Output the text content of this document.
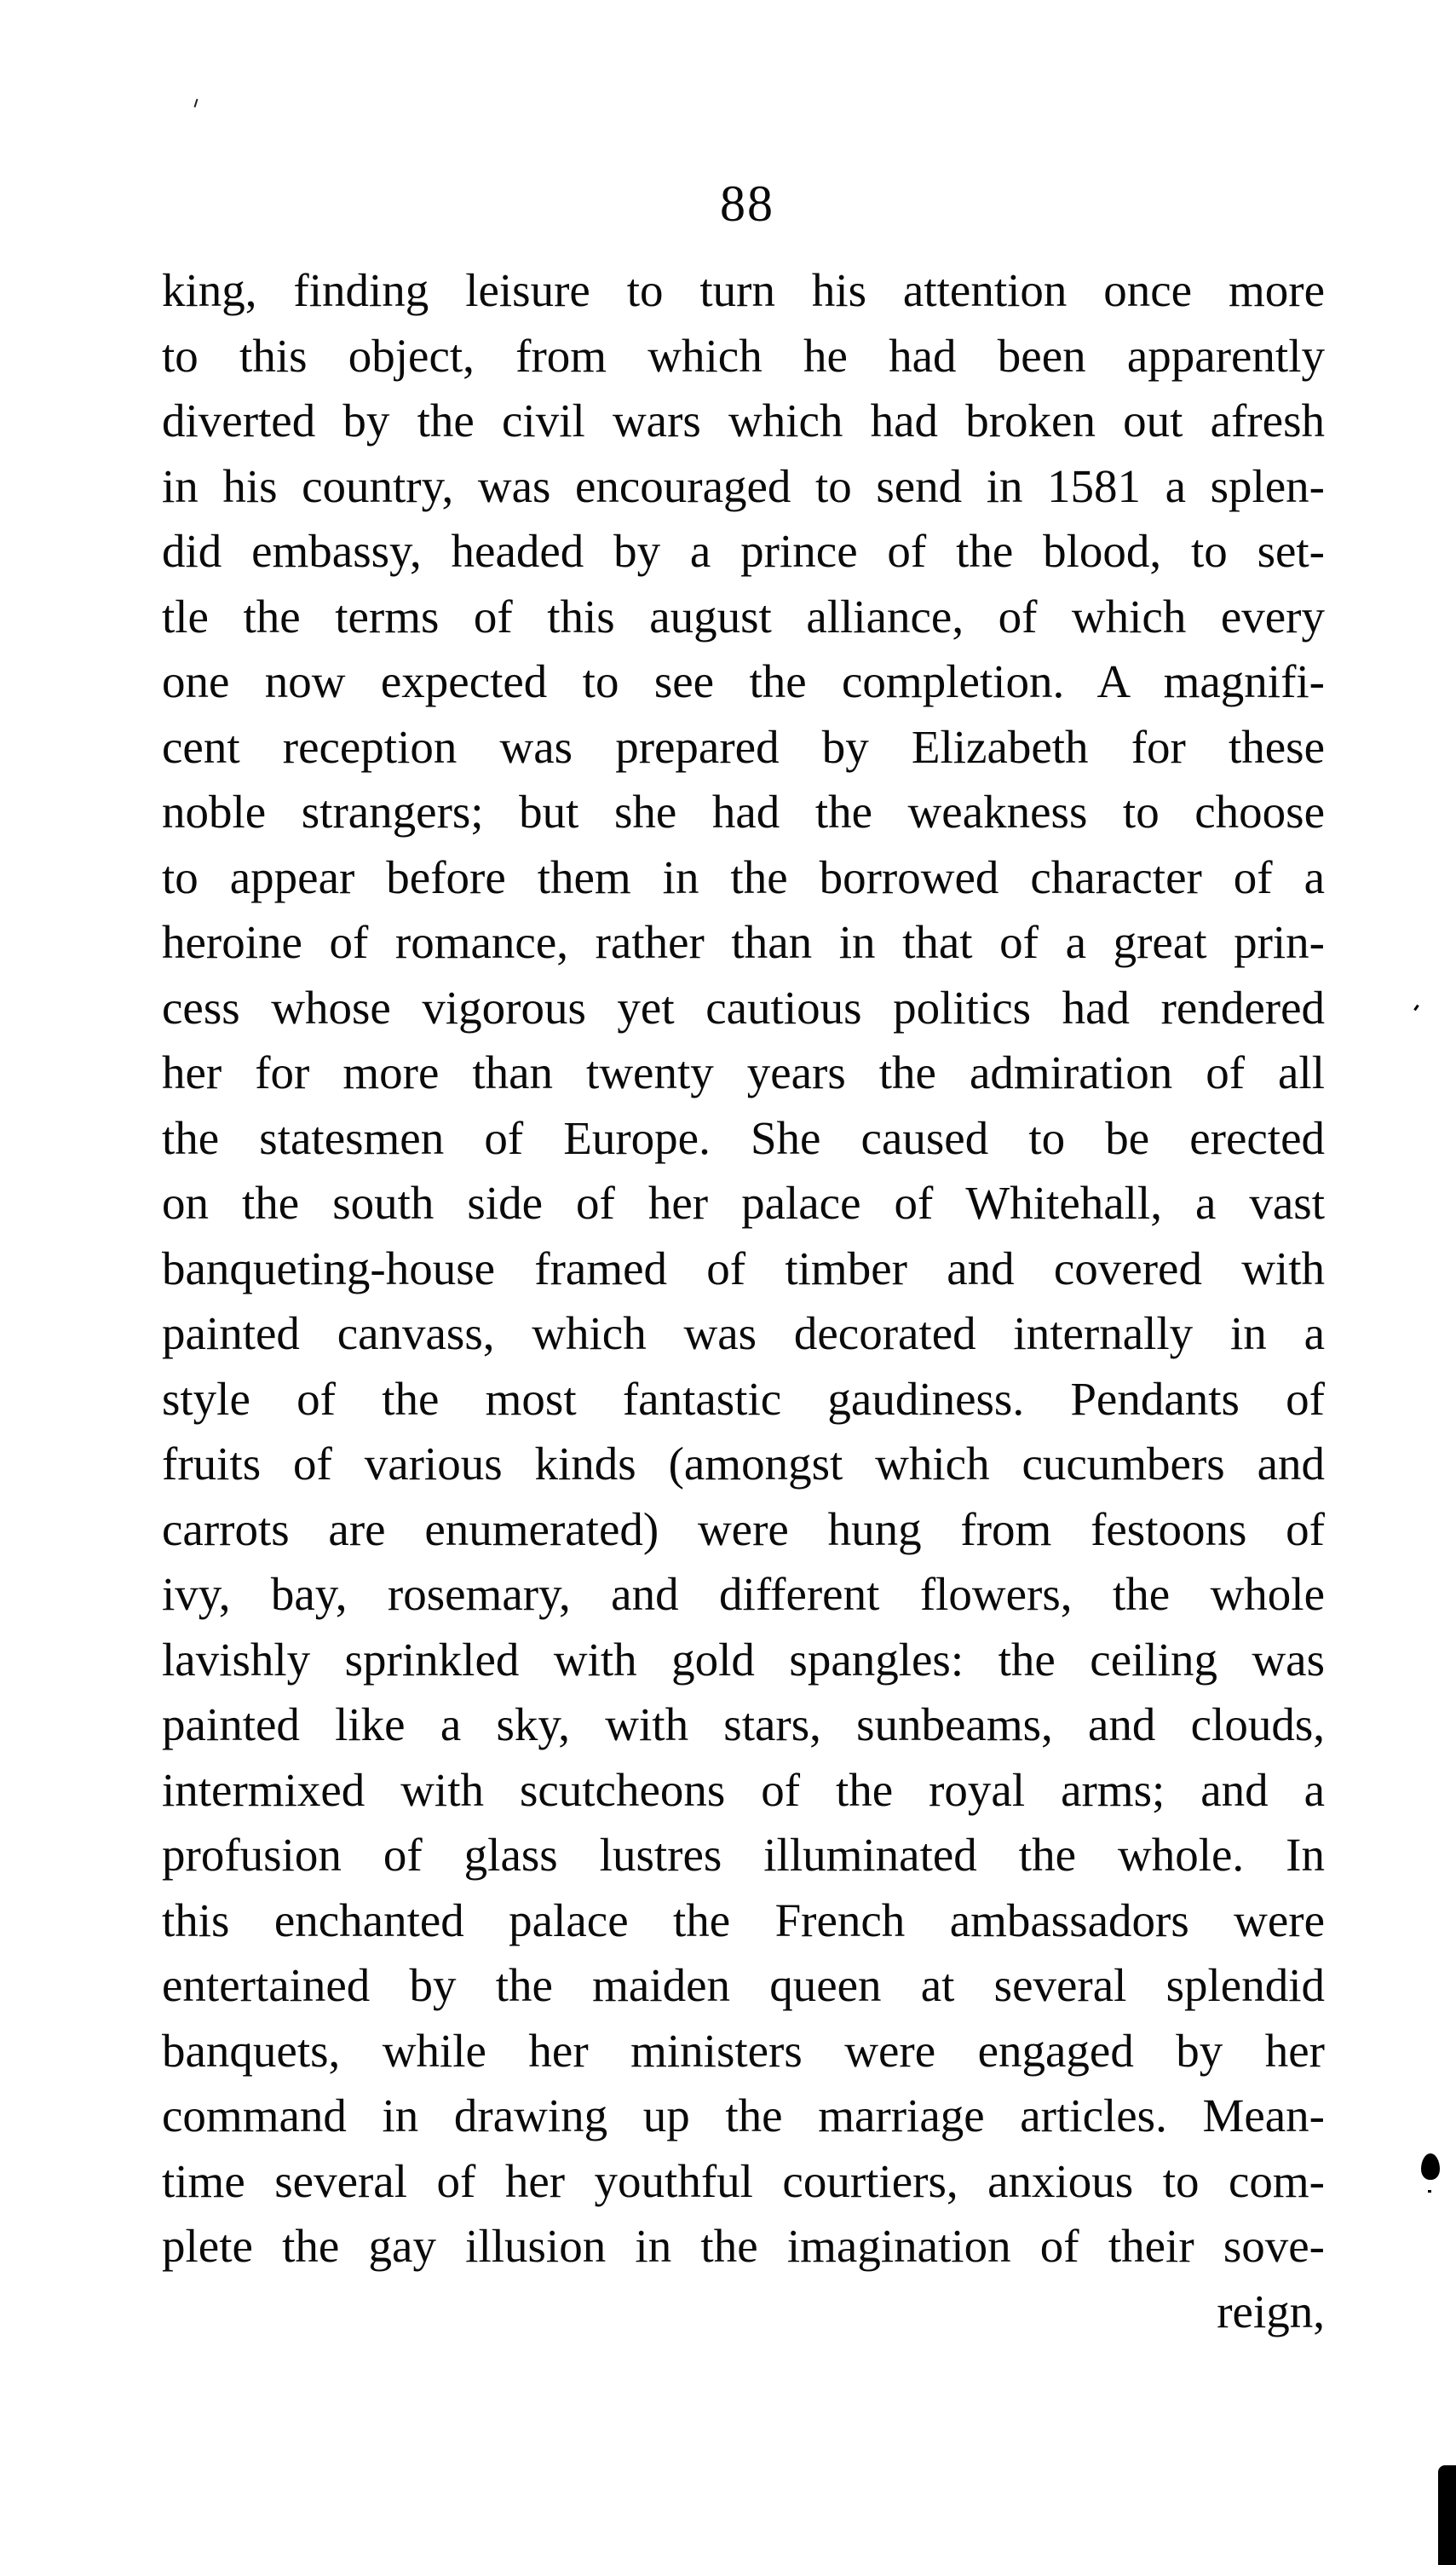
88
king, finding leisure to turn his attention once more
to this object, from which he had been apparently
diverted by the civil wars which had broken out afresh
in his country, was encouraged to send in 1581 a splen-
did embassy, headed by a prince of the blood, to set-
tle the terms of this august alliance, of which every
one now expected to see the completion. A magnifi-
cent reception was prepared by Elizabeth for these
noble strangers; but she had the weakness to choose
to appear before them in the borrowed character of a
heroine of romance, rather than in that of a great prin-
cess whose vigorous yet cautious politics had rendered
her for more than twenty years the admiration of all
the statesmen of Europe. She caused to be erected
on the south side of her palace of Whitehall, a vast
banqueting-house framed of timber and covered with
painted canvass, which was decorated internally in a
style of the most fantastic gaudiness. Pendants of
fruits of various kinds (amongst which cucumbers and
carrots are enumerated) were hung from festoons of
ivy, bay, rosemary, and different flowers, the whole
lavishly sprinkled with gold spangles: the ceiling was
painted like a sky, with stars, sunbeams, and clouds,
intermixed with scutcheons of the royal arms; and a
profusion of glass lustres illuminated the whole. In
this enchanted palace the French ambassadors were
entertained by the maiden queen at several splendid
banquets, while her ministers were engaged by her
command in drawing up the marriage articles. Mean-
time several of her youthful courtiers, anxious to com-
plete the gay illusion in the imagination of their sove-
reign,
